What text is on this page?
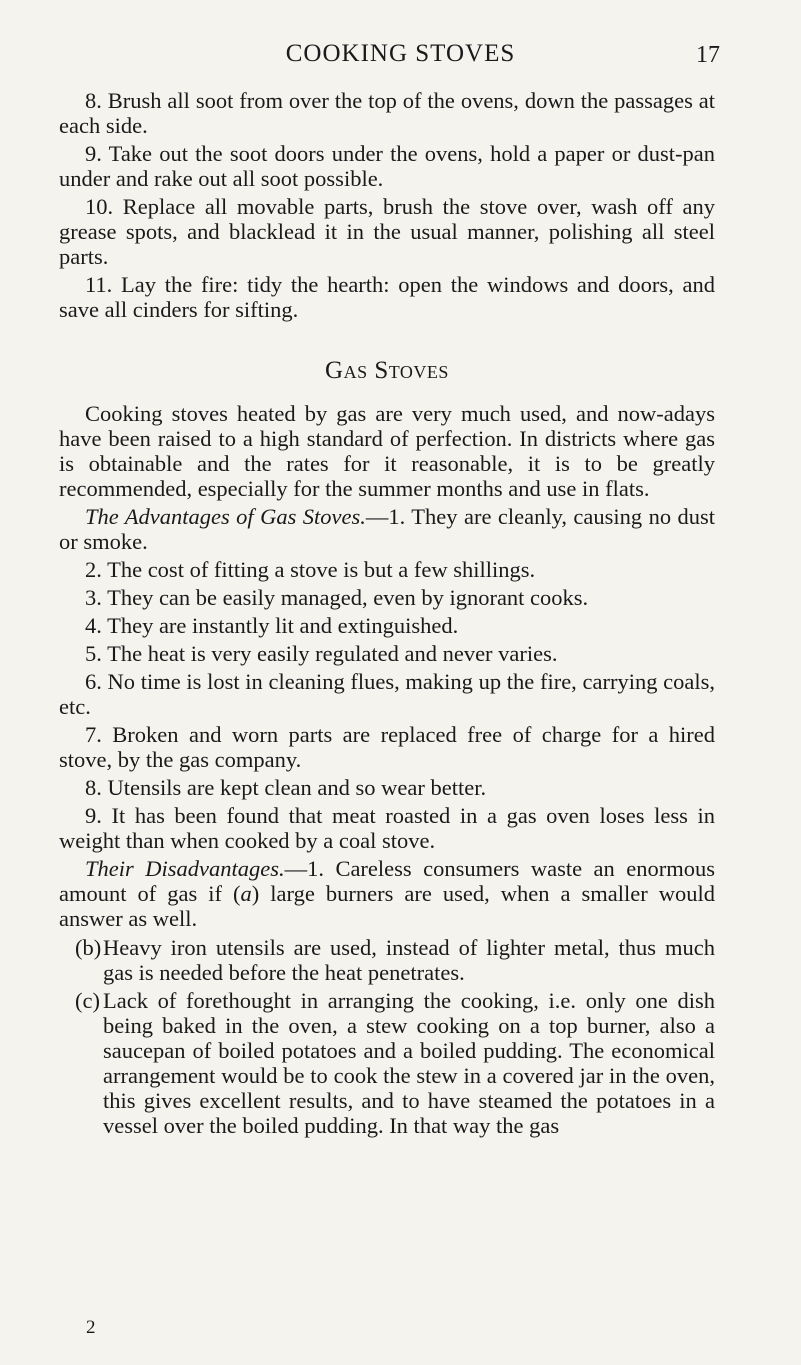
COOKING STOVES	17

8. Brush all soot from over the top of the ovens, down the passages at each side.

9. Take out the soot doors under the ovens, hold a paper or dust-pan under and rake out all soot possible.

10. Replace all movable parts, brush the stove over, wash off any grease spots, and blacklead it in the usual manner, polishing all steel parts.

11. Lay the fire: tidy the hearth: open the windows and doors, and save all cinders for sifting.

Gas Stoves

Cooking stoves heated by gas are very much used, and now-adays have been raised to a high standard of perfection. In districts where gas is obtainable and the rates for it reasonable, it is to be greatly recommended, especially for the summer months and use in flats.

The Advantages of Gas Stoves.—1. They are cleanly, causing no dust or smoke.

2. The cost of fitting a stove is but a few shillings.

3. They can be easily managed, even by ignorant cooks.

4. They are instantly lit and extinguished.

5. The heat is very easily regulated and never varies.

6. No time is lost in cleaning flues, making up the fire, carrying coals, etc.

7. Broken and worn parts are replaced free of charge for a hired stove, by the gas company.

8. Utensils are kept clean and so wear better.

9. It has been found that meat roasted in a gas oven loses less in weight than when cooked by a coal stove.

Their Disadvantages.—1. Careless consumers waste an enormous amount of gas if (a) large burners are used, when a smaller would answer as well.

(b) Heavy iron utensils are used, instead of lighter metal, thus much gas is needed before the heat penetrates.
(c) Lack of forethought in arranging the cooking, i.e. only one dish being baked in the oven, a stew cooking on a top burner, also a saucepan of boiled potatoes and a boiled pudding. The economical arrangement would be to cook the stew in a covered jar in the oven, this gives excellent results, and to have steamed the potatoes in a vessel over the boiled pudding. In that way the gas
2
